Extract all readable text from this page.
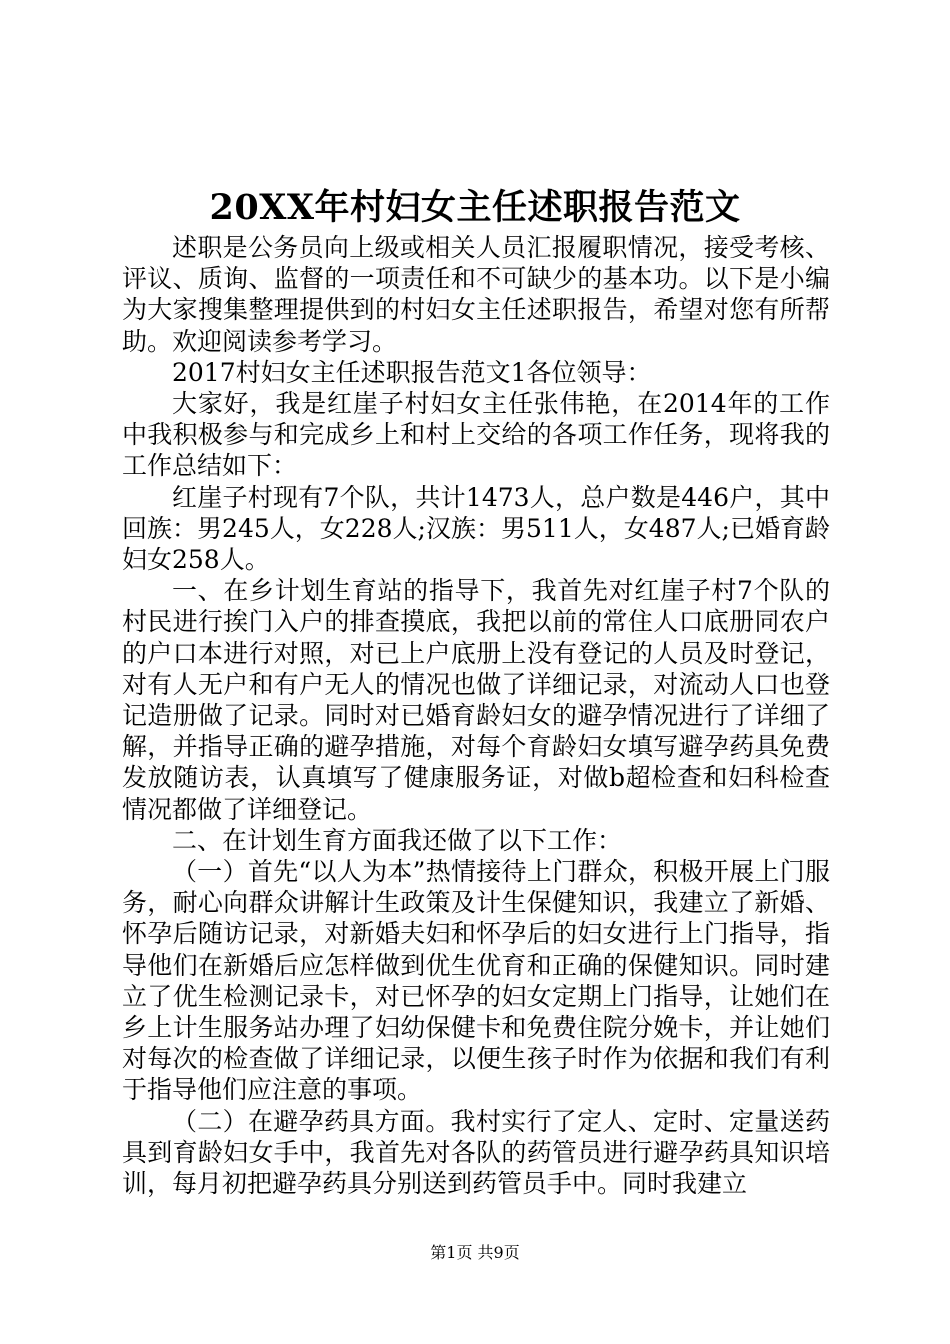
20XX年村妇女主任述职报告范文

述职是公务员向上级或相关人员汇报履职情况，接受考核、评议、质询、监督的一项责任和不可缺少的基本功。以下是小编为大家搜集整理提供到的村妇女主任述职报告，希望对您有所帮助。欢迎阅读参考学习。

2017村妇女主任述职报告范文1各位领导：

大家好，我是红崖子村妇女主任张伟艳，在2014年的工作中我积极参与和完成乡上和村上交给的各项工作任务，现将我的工作总结如下：

红崖子村现有7个队，共计1473人，总户数是446户，其中回族：男245人，女228人;汉族：男511人，女487人;已婚育龄妇女258人。

一、在乡计划生育站的指导下，我首先对红崖子村7个队的村民进行挨门入户的排查摸底，我把以前的常住人口底册同农户的户口本进行对照，对已上户底册上没有登记的人员及时登记，对有人无户和有户无人的情况也做了详细记录，对流动人口也登记造册做了记录。同时对已婚育龄妇女的避孕情况进行了详细了解，并指导正确的避孕措施，对每个育龄妇女填写避孕药具免费发放随访表，认真填写了健康服务证，对做b超检查和妇科检查情况都做了详细登记。

二、在计划生育方面我还做了以下工作：

（一）首先“以人为本”热情接待上门群众，积极开展上门服务，耐心向群众讲解计生政策及计生保健知识，我建立了新婚、怀孕后随访记录，对新婚夫妇和怀孕后的妇女进行上门指导，指导他们在新婚后应怎样做到优生优育和正确的保健知识。同时建立了优生检测记录卡，对已怀孕的妇女定期上门指导，让她们在乡上计生服务站办理了妇幼保健卡和免费住院分娩卡，并让她们对每次的检查做了详细记录，以便生孩子时作为依据和我们有利于指导他们应注意的事项。

（二）在避孕药具方面。我村实行了定人、定时、定量送药具到育龄妇女手中，我首先对各队的药管员进行避孕药具知识培训，每月初把避孕药具分别送到药管员手中。同时我建立

第1页 共9页
